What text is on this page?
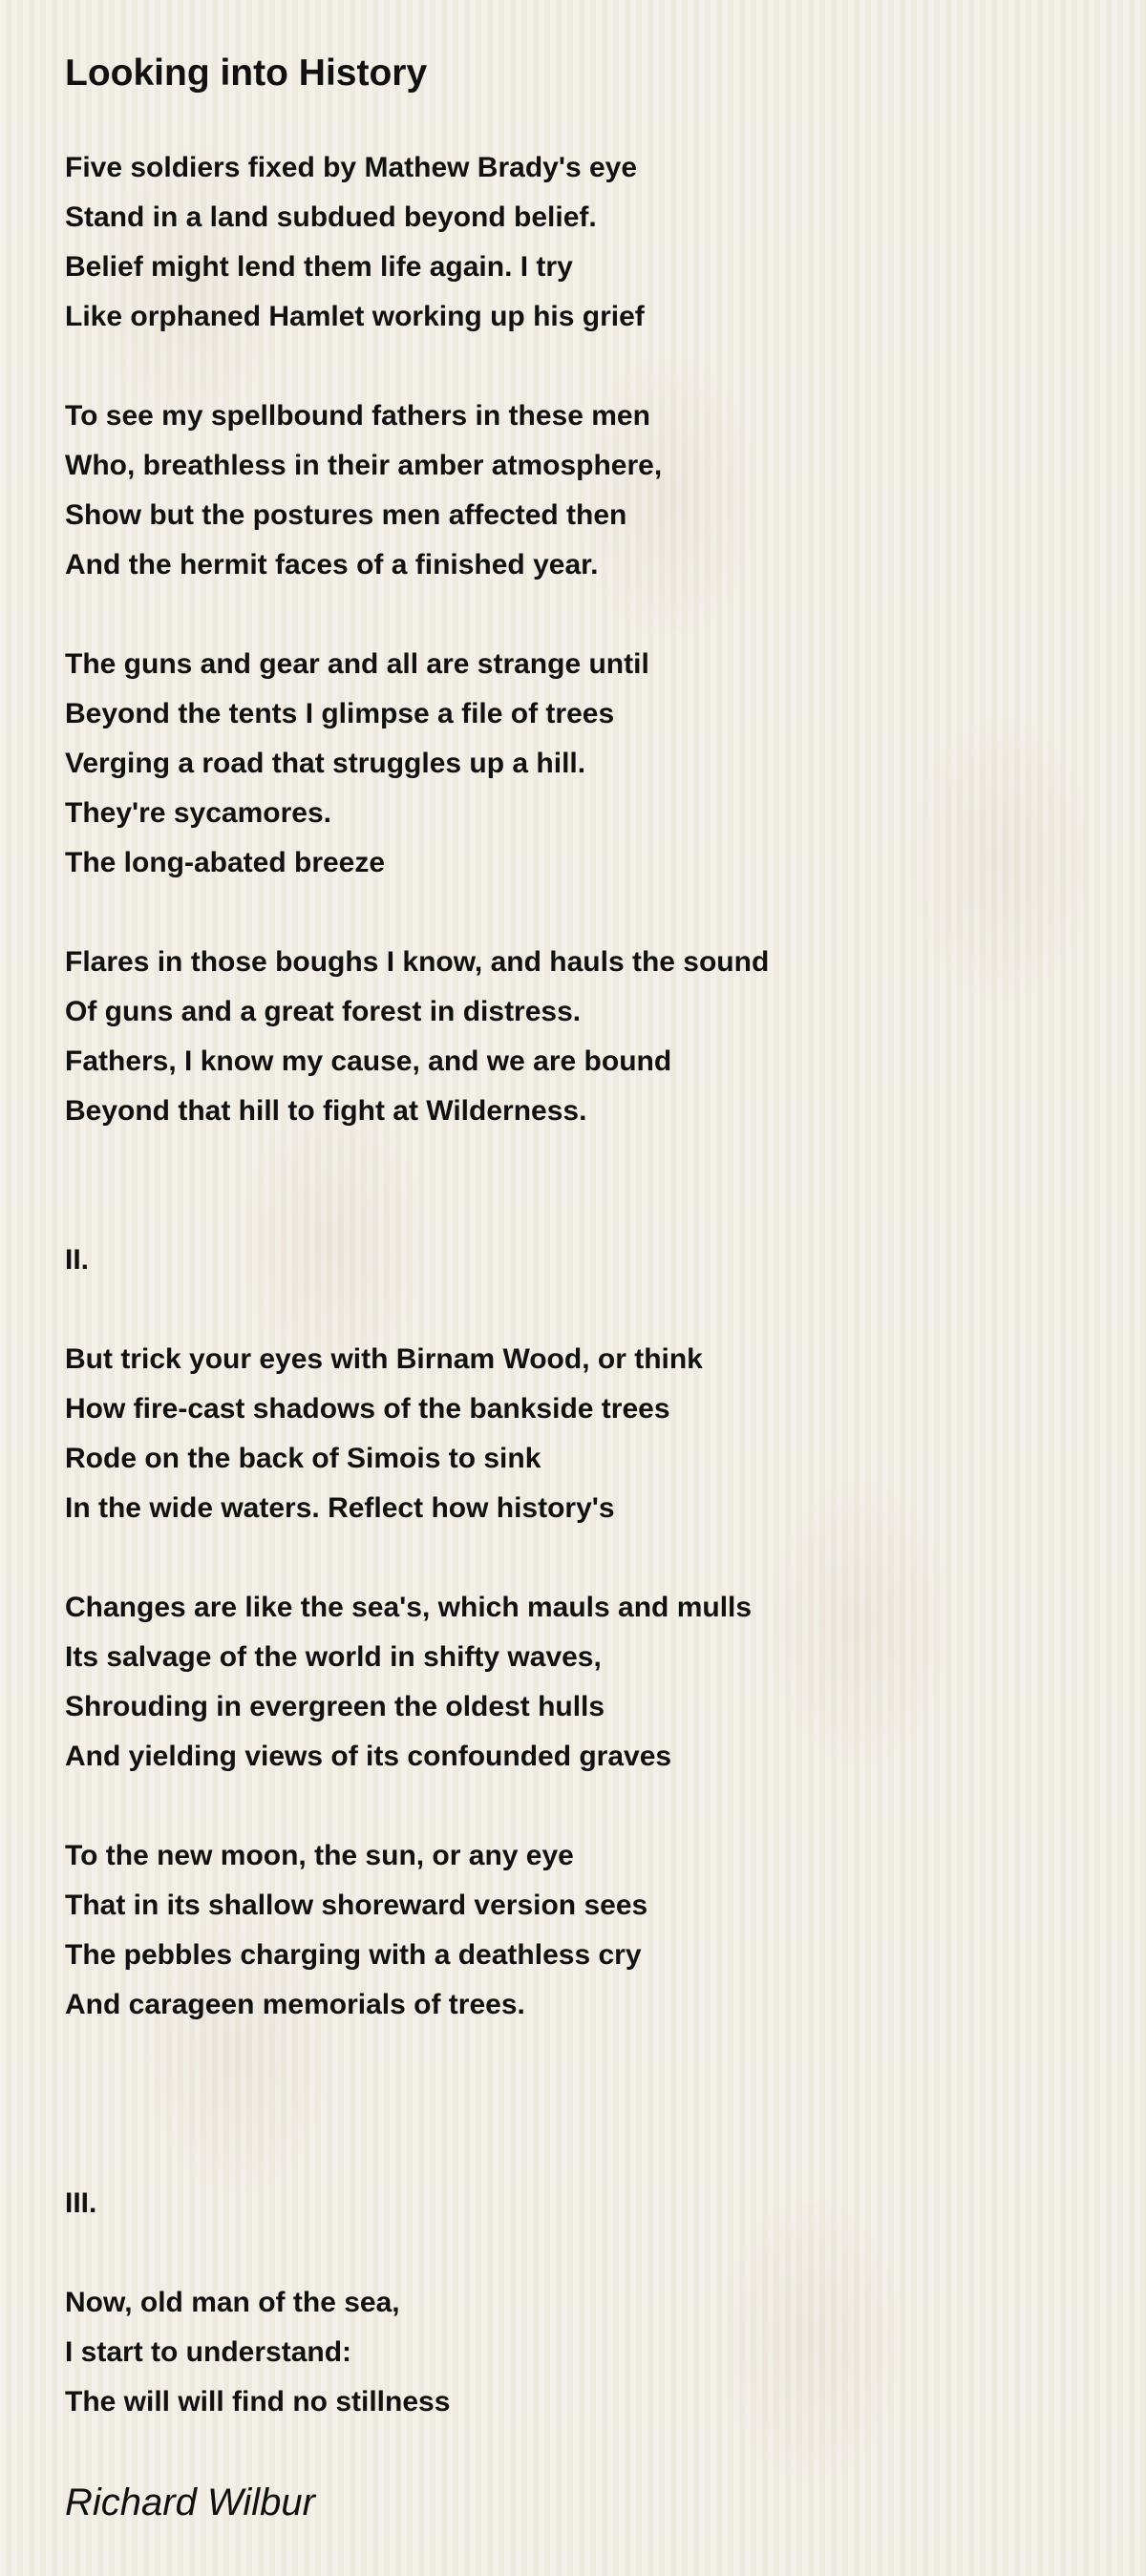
Looking into History
Five soldiers fixed by Mathew Brady's eye
Stand in a land subdued beyond belief.
Belief might lend them life again. I try
Like orphaned Hamlet working up his grief
To see my spellbound fathers in these men
Who, breathless in their amber atmosphere,
Show but the postures men affected then
And the hermit faces of a finished year.
The guns and gear and all are strange until
Beyond the tents I glimpse a file of trees
Verging a road that struggles up a hill.
They're sycamores.
The long-abated breeze
Flares in those boughs I know, and hauls the sound
Of guns and a great forest in distress.
Fathers, I know my cause, and we are bound
Beyond that hill to fight at Wilderness.
II.
But trick your eyes with Birnam Wood, or think
How fire-cast shadows of the bankside trees
Rode on the back of Simois to sink
In the wide waters. Reflect how history's
Changes are like the sea's, which mauls and mulls
Its salvage of the world in shifty waves,
Shrouding in evergreen the oldest hulls
And yielding views of its confounded graves
To the new moon, the sun, or any eye
That in its shallow shoreward version sees
The pebbles charging with a deathless cry
And carageen memorials of trees.
III.
Now, old man of the sea,
I start to understand:
The will will find no stillness
Richard Wilbur
